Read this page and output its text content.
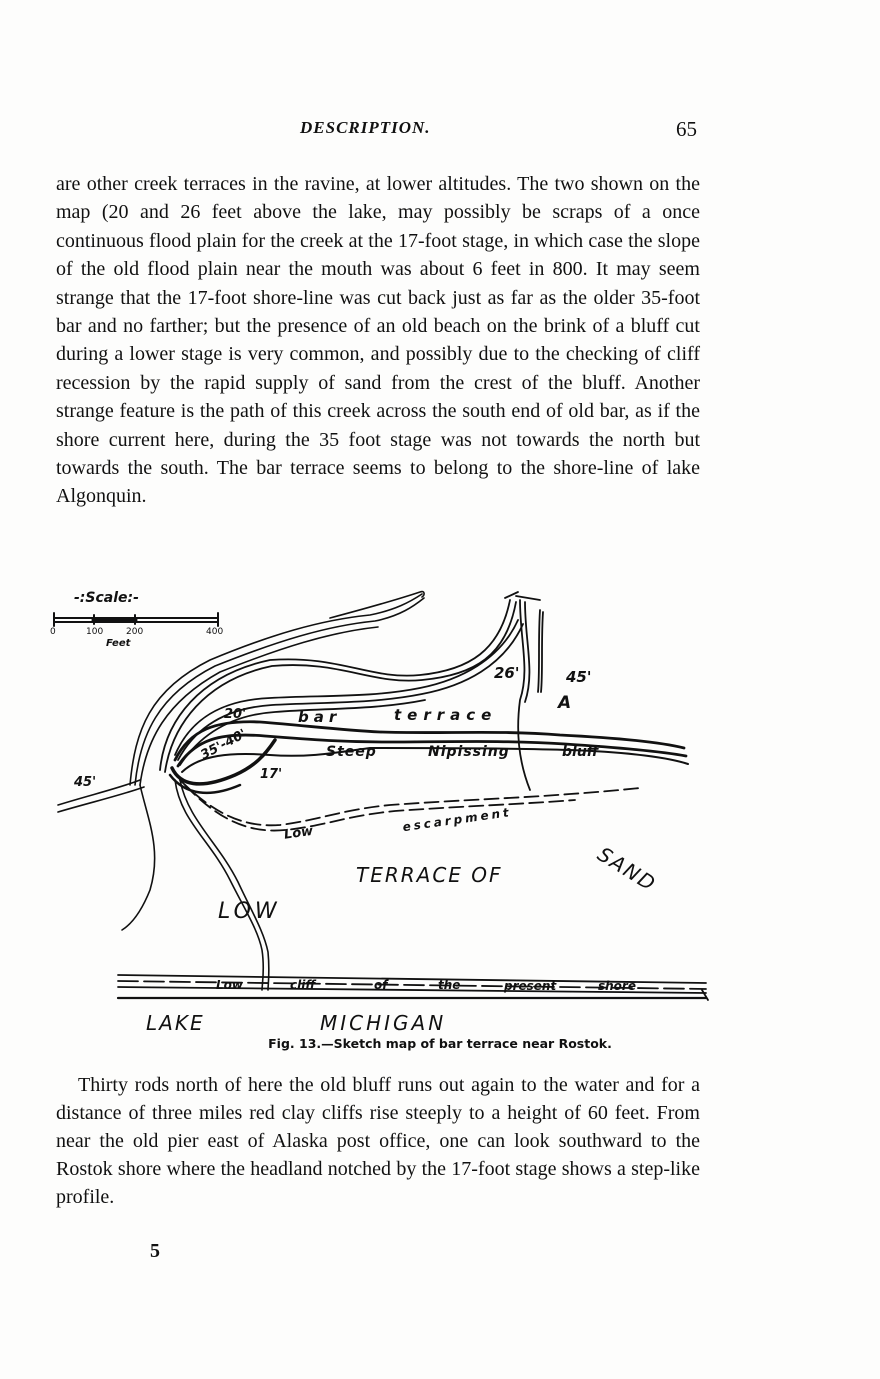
DESCRIPTION.	65

are other creek terraces in the ravine, at lower altitudes. The two shown on the map (20 and 26 feet above the lake, may possibly be scraps of a once continuous flood plain for the creek at the 17-foot stage, in which case the slope of the old flood plain near the mouth was about 6 feet in 800. It may seem strange that the 17-foot shore-line was cut back just as far as the older 35-foot bar and no farther; but the presence of an old beach on the brink of a bluff cut during a lower stage is very common, and possibly due to the checking of cliff recession by the rapid supply of sand from the crest of the bluff. Another strange feature is the path of this creek across the south end of old bar, as if the shore current here, during the 35 foot stage was not towards the north but towards the south. The bar terrace seems to belong to the shore-line of lake Algonquin.

-:Scale:-
0	100	200	400
Feet
45'
A
26'
20'
35'-40'
17'
45'
bar	terrace
Steep	Nipissing	bluff
Low	escarpment
TERRACE OF	SAND
LOW
Low	cliff	of	the	present	shore
LAKE	MICHIGAN
Fig. 13.—Sketch map of bar terrace near Rostok.

Thirty rods north of here the old bluff runs out again to the water and for a distance of three miles red clay cliffs rise steeply to a height of 60 feet. From near the old pier east of Alaska post office, one can look southward to the Rostok shore where the headland notched by the 17-foot stage shows a step-like profile.

5
